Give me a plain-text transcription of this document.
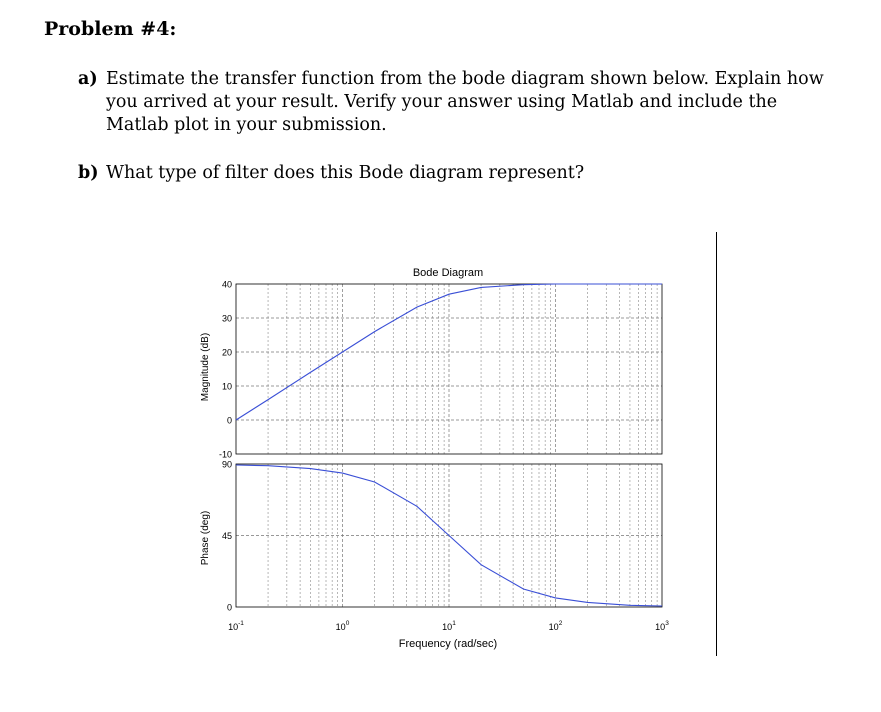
Problem #4:
a) Estimate the transfer function from the bode diagram shown below. Explain how you arrived at your result. Verify your answer using Matlab and include the Matlab plot in your submission.
b) What type of filter does this Bode diagram represent?
Bode Diagram
Frequency (rad/sec)
Magnitude (dB)
Phase (deg)
-10
0
10
20
30
40
0
45
90
$10^{-1}$	$10^0$	$10^1$	$10^2$	$10^3$
